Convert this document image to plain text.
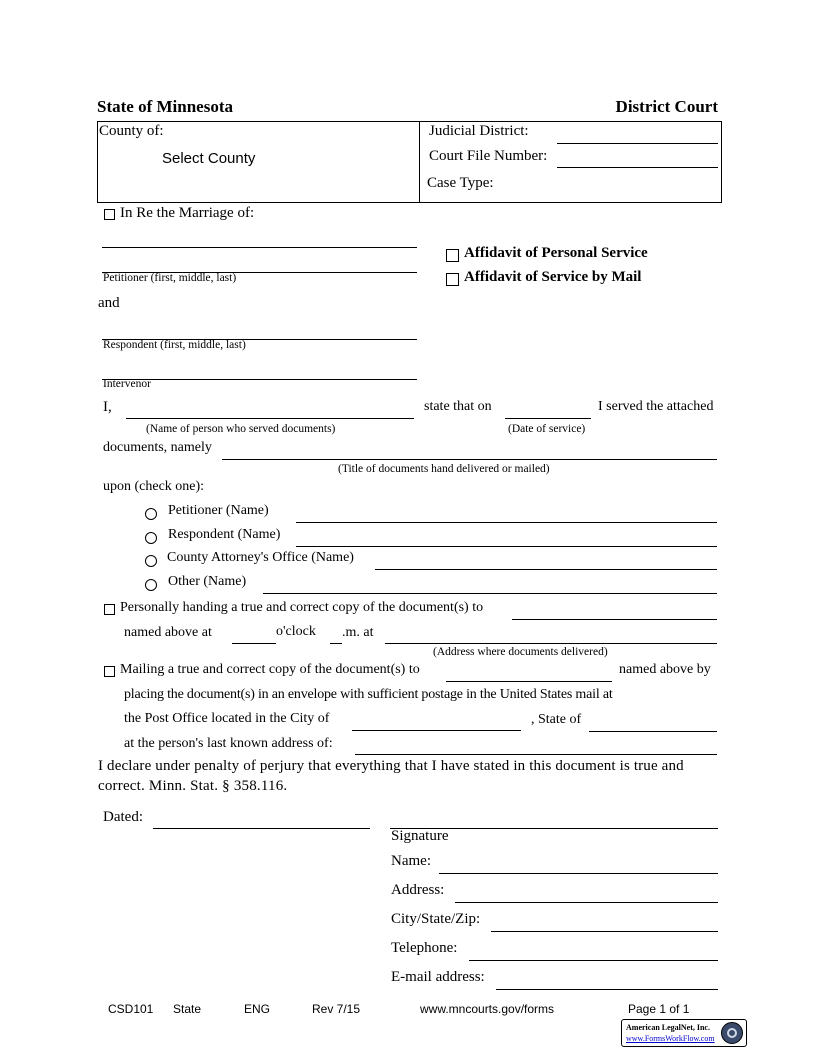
State of Minnesota	District Court
County of:
Select County
Judicial District:
Court File Number:
Case Type:
In Re the Marriage of:
Petitioner (first, middle, last)
and
Respondent (first, middle, last)
Intervenor
Affidavit of Personal Service
Affidavit of Service by Mail
I,
(Name of person who served documents)
state that on
(Date of service)
I served the attached
documents, namely
(Title of documents hand delivered or mailed)
upon (check one):
Petitioner (Name)
Respondent (Name)
County Attorney's Office (Name)
Other (Name)
Personally handing a true and correct copy of the document(s) to
named above at	o'clock .m. at
(Address where documents delivered)
Mailing a true and correct copy of the document(s) to	named above by
placing the document(s) in an envelope with sufficient postage in the United States mail at
the Post Office located in the City of	, State of
at the person's last known address of:
I declare under penalty of perjury that everything that I have stated in this document is true and
correct. Minn. Stat. § 358.116.
Dated:
Signature
Name:
Address:
City/State/Zip:
Telephone:
E-mail address:
CSD101 State	ENG	Rev 7/15	www.mncourts.gov/forms	Page 1 of 1
American LegalNet, Inc.
www.FormsWorkFlow.com
